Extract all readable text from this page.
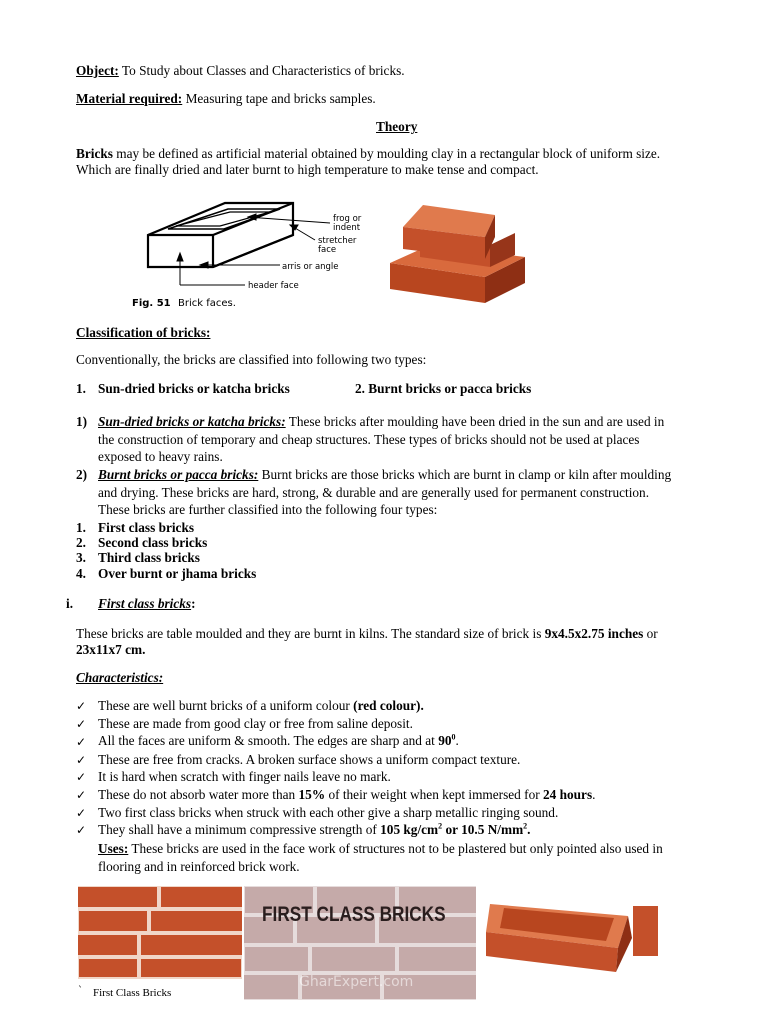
Object: To Study about Classes and Characteristics of bricks.
Material required: Measuring tape and bricks samples.
Theory
Bricks may be defined as artificial material obtained by moulding clay in a rectangular block of uniform size.
Which are finally dried and later burnt to high temperature to make tense and compact.
frog or
indent
stretcher
face
arris or angle
header face
Fig. 51 Brick faces.
Classification of bricks:
Conventionally, the bricks are classified into following two types:
1. Sun-dried bricks or katcha bricks	2. Burnt bricks or pacca bricks
1) Sun-dried bricks or katcha bricks: These bricks after moulding have been dried in the sun and are used in
the construction of temporary and cheap structures. These types of bricks should not be used at places
exposed to heavy rains.
2) Burnt bricks or pacca bricks: Burnt bricks are those bricks which are burnt in clamp or kiln after moulding
and drying. These bricks are hard, strong, & durable and are generally used for permanent construction.
These bricks are further classified into the following four types:
1. First class bricks
2. Second class bricks
3. Third class bricks
4. Over burnt or jhama bricks
i. First class bricks:
These bricks are table moulded and they are burnt in kilns. The standard size of brick is 9x4.5x2.75 inches or
23x11x7 cm.
Characteristics:
✓ These are well burnt bricks of a uniform colour (red colour).
✓ These are made from good clay or free from saline deposit.
✓ All the faces are uniform & smooth. The edges are sharp and at $90^0$.
✓ These are free from cracks. A broken surface shows a uniform compact texture.
✓ It is hard when scratch with finger nails leave no mark.
✓ These do not absorb water more than 15% of their weight when kept immersed for 24 hours.
✓ Two first class bricks when struck with each other give a sharp metallic ringing sound.
✓ They shall have a minimum compressive strength of 105 $kg/cm^2$ or 10.5 $N/mm^2$.
Uses: These bricks are used in the face work of structures not to be plastered but only pointed also used in
flooring and in reinforced brick work.
` First Class Bricks
FIRST CLASS BRICKS
GharExpert.com
